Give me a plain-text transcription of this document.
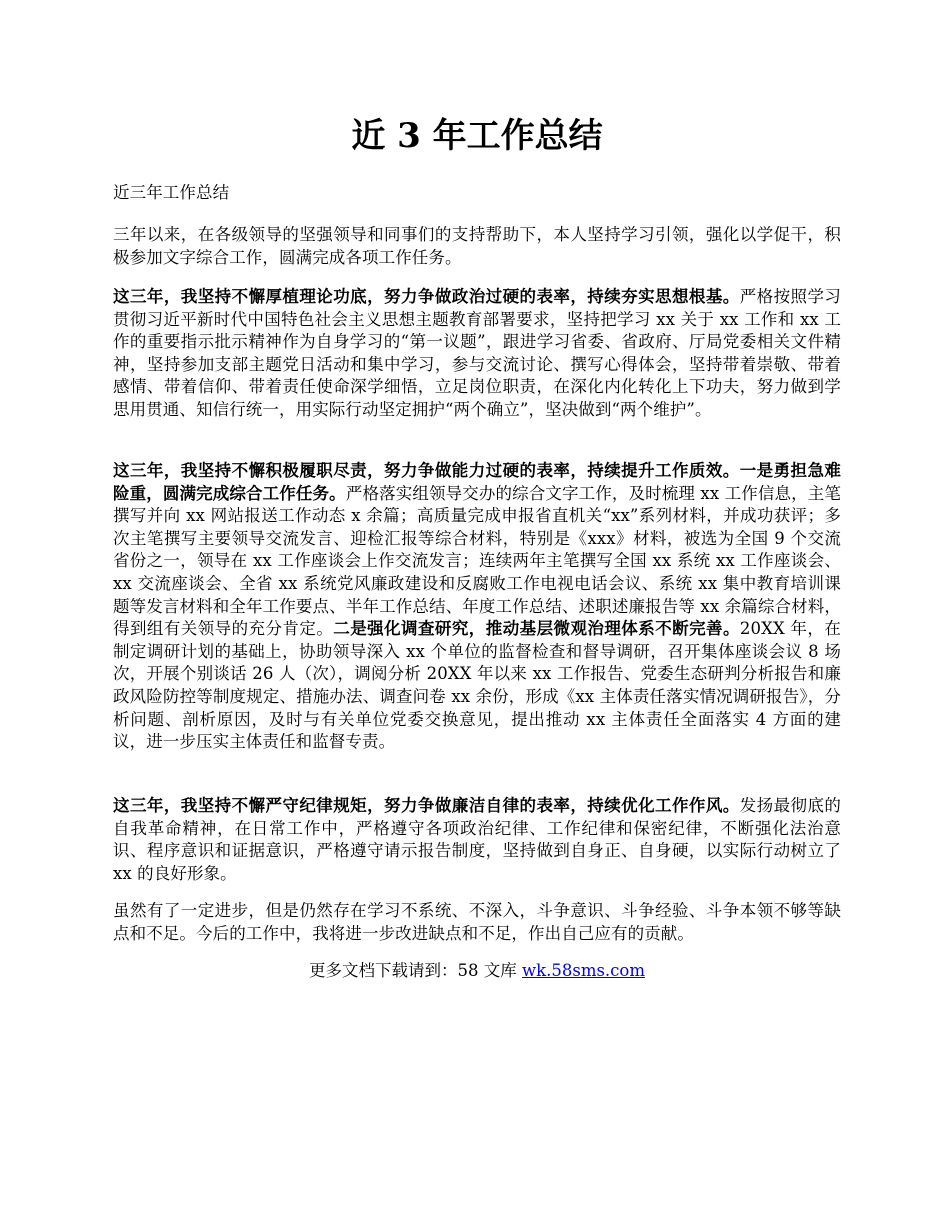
近 3 年工作总结

近三年工作总结

三年以来，在各级领导的坚强领导和同事们的支持帮助下，本人坚持学习引领，强化以学促干，积极参加文字综合工作，圆满完成各项工作任务。

这三年，我坚持不懈厚植理论功底，努力争做政治过硬的表率，持续夯实思想根基。严格按照学习贯彻习近平新时代中国特色社会主义思想主题教育部署要求，坚持把学习 xx 关于 xx 工作和 xx 工作的重要指示批示精神作为自身学习的“第一议题”，跟进学习省委、省政府、厅局党委相关文件精神，坚持参加支部主题党日活动和集中学习，参与交流讨论、撰写心得体会，坚持带着崇敬、带着感情、带着信仰、带着责任使命深学细悟，立足岗位职责，在深化内化转化上下功夫，努力做到学思用贯通、知信行统一，用实际行动坚定拥护“两个确立”，坚决做到“两个维护”。

这三年，我坚持不懈积极履职尽责，努力争做能力过硬的表率，持续提升工作质效。一是勇担急难险重，圆满完成综合工作任务。严格落实组领导交办的综合文字工作，及时梳理 xx 工作信息，主笔撰写并向 xx 网站报送工作动态 x 余篇；高质量完成申报省直机关“xx”系列材料，并成功获评；多次主笔撰写主要领导交流发言、迎检汇报等综合材料，特别是《xxx》材料，被选为全国 9 个交流省份之一，领导在 xx 工作座谈会上作交流发言；连续两年主笔撰写全国 xx 系统 xx 工作座谈会、xx 交流座谈会、全省 xx 系统党风廉政建设和反腐败工作电视电话会议、系统 xx 集中教育培训课题等发言材料和全年工作要点、半年工作总结、年度工作总结、述职述廉报告等 xx 余篇综合材料，得到组有关领导的充分肯定。二是强化调查研究，推动基层微观治理体系不断完善。20XX 年，在制定调研计划的基础上，协助领导深入 xx 个单位的监督检查和督导调研，召开集体座谈会议 8 场次，开展个别谈话 26 人（次），调阅分析 20XX 年以来 xx 工作报告、党委生态研判分析报告和廉政风险防控等制度规定、措施办法、调查问卷 xx 余份，形成《xx 主体责任落实情况调研报告》，分析问题、剖析原因，及时与有关单位党委交换意见，提出推动 xx 主体责任全面落实 4 方面的建议，进一步压实主体责任和监督专责。

这三年，我坚持不懈严守纪律规矩，努力争做廉洁自律的表率，持续优化工作作风。发扬最彻底的自我革命精神，在日常工作中，严格遵守各项政治纪律、工作纪律和保密纪律，不断强化法治意识、程序意识和证据意识，严格遵守请示报告制度，坚持做到自身正、自身硬，以实际行动树立了 xx 的良好形象。

虽然有了一定进步，但是仍然存在学习不系统、不深入，斗争意识、斗争经验、斗争本领不够等缺点和不足。今后的工作中，我将进一步改进缺点和不足，作出自己应有的贡献。

更多文档下载请到：58 文库 wk.58sms.com
